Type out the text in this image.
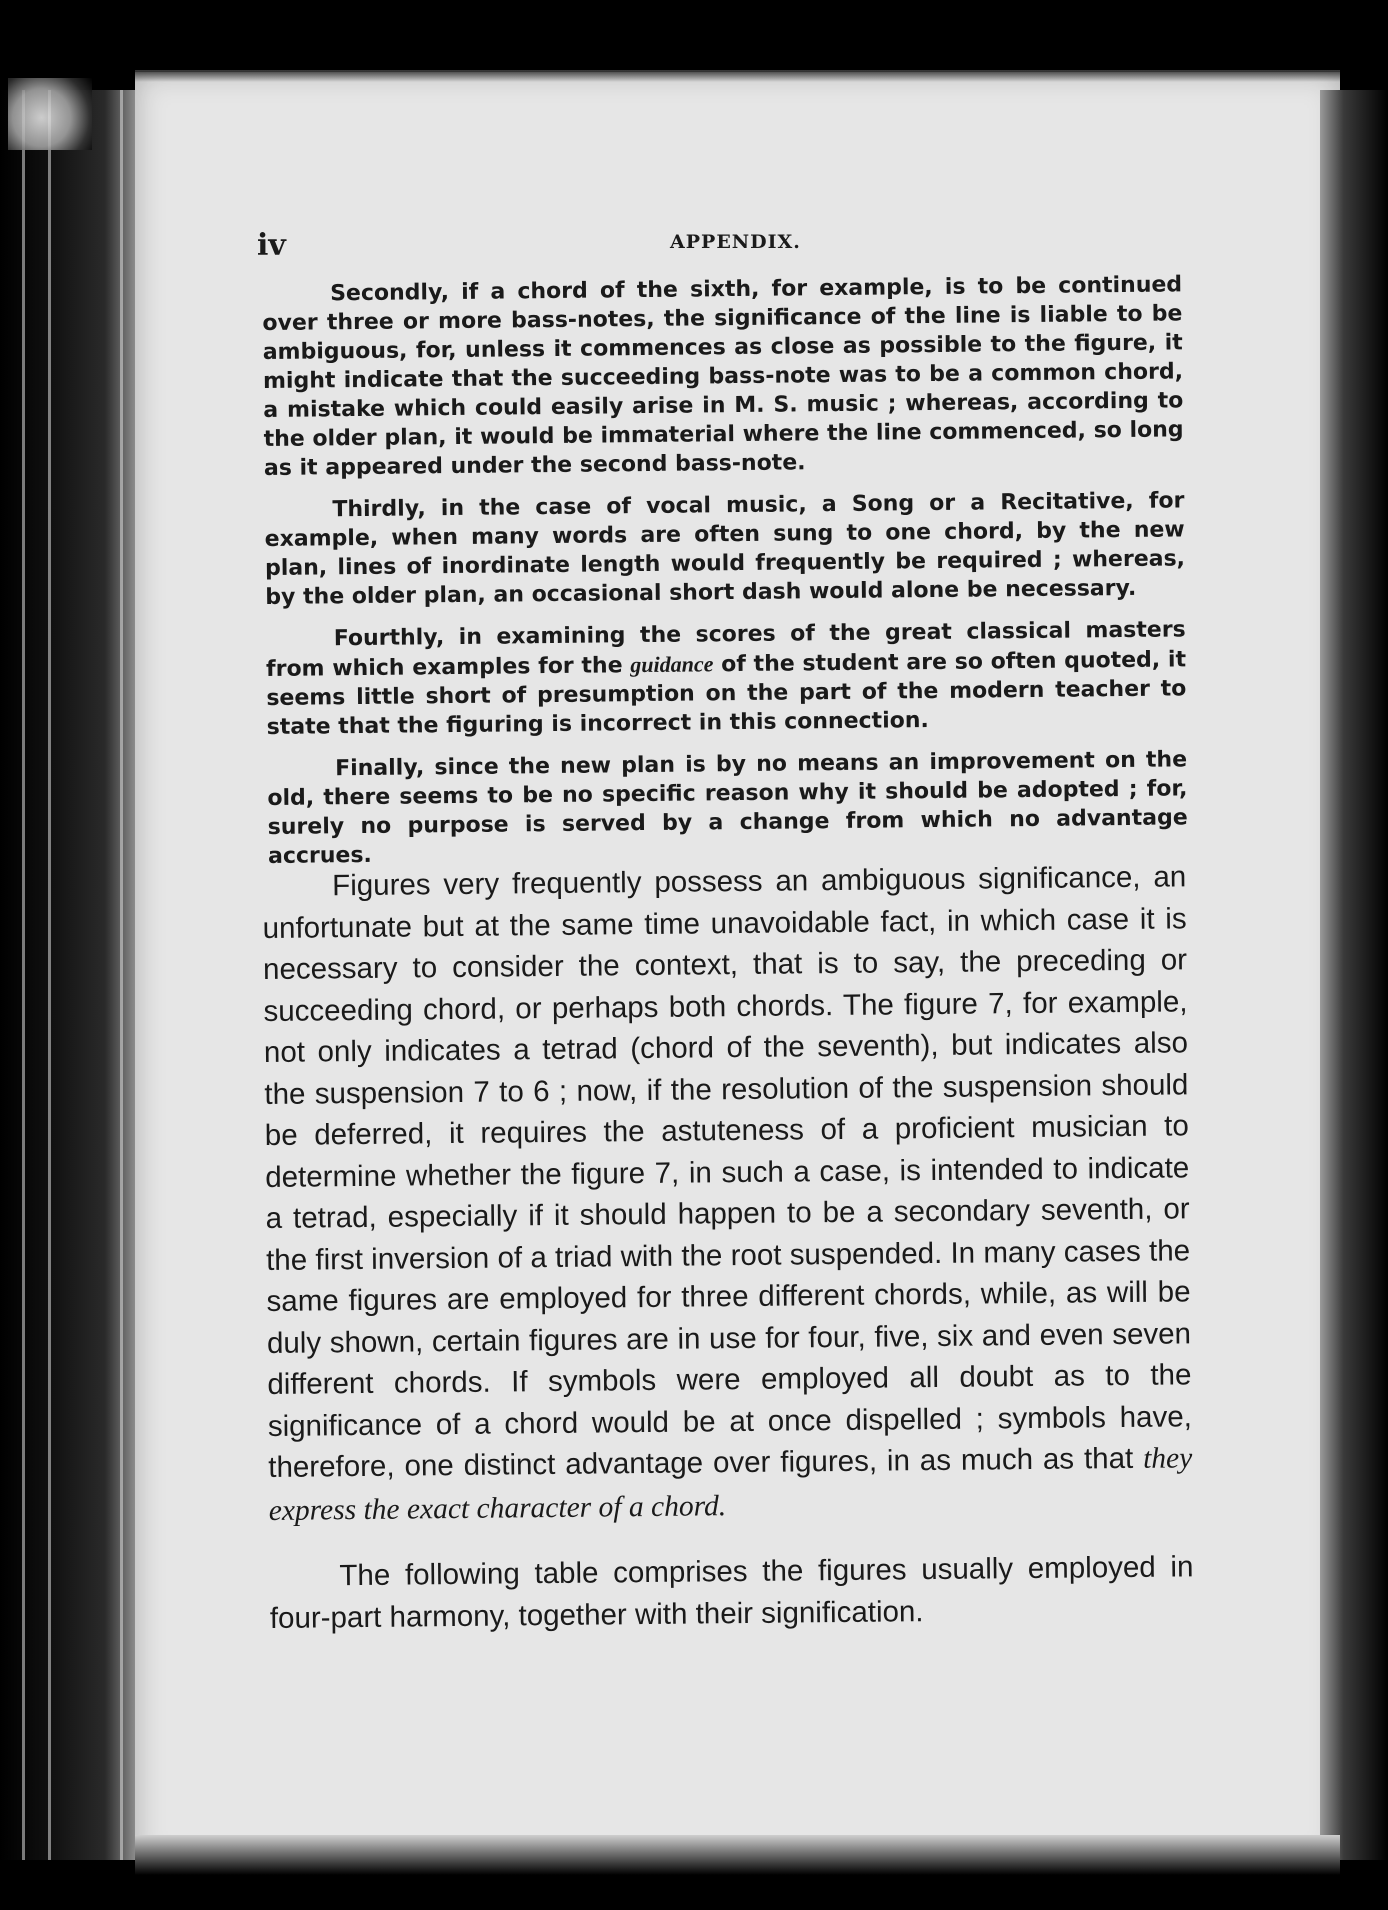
iv	APPENDIX.

Secondly, if a chord of the sixth, for example, is to be continued over three or more bass-notes, the significance of the line is liable to be ambiguous, for, unless it commences as close as possible to the figure, it might indicate that the succeeding bass-note was to be a common chord, a mistake which could easily arise in M. S. music ; whereas, according to the older plan, it would be immaterial where the line commenced, so long as it appeared under the second bass-note.

Thirdly, in the case of vocal music, a Song or a Recitative, for example, when many words are often sung to one chord, by the new plan, lines of inordinate length would frequently be required ; whereas, by the older plan, an occasional short dash would alone be necessary.

Fourthly, in examining the scores of the great classical masters from which examples for the guidance of the student are so often quoted, it seems little short of presumption on the part of the modern teacher to state that the figuring is incorrect in this connection.

Finally, since the new plan is by no means an improvement on the old, there seems to be no specific reason why it should be adopted ; for, surely no purpose is served by a change from which no advantage accrues.

Figures very frequently possess an ambiguous significance, an unfortunate but at the same time unavoidable fact, in which case it is necessary to consider the context, that is to say, the preceding or succeeding chord, or perhaps both chords. The figure 7, for example, not only indicates a tetrad (chord of the seventh), but indicates also the suspension 7 to 6 ; now, if the resolution of the suspension should be deferred, it requires the astuteness of a proficient musician to determine whether the figure 7, in such a case, is intended to indicate a tetrad, especially if it should happen to be a secondary seventh, or the first inversion of a triad with the root suspended. In many cases the same figures are employed for three different chords, while, as will be duly shown, certain figures are in use for four, five, six and even seven different chords. If symbols were employed all doubt as to the significance of a chord would be at once dispelled ; symbols have, therefore, one distinct advantage over figures, in as much as that they express the exact character of a chord.

The following table comprises the figures usually employed in four-part harmony, together with their signification.
